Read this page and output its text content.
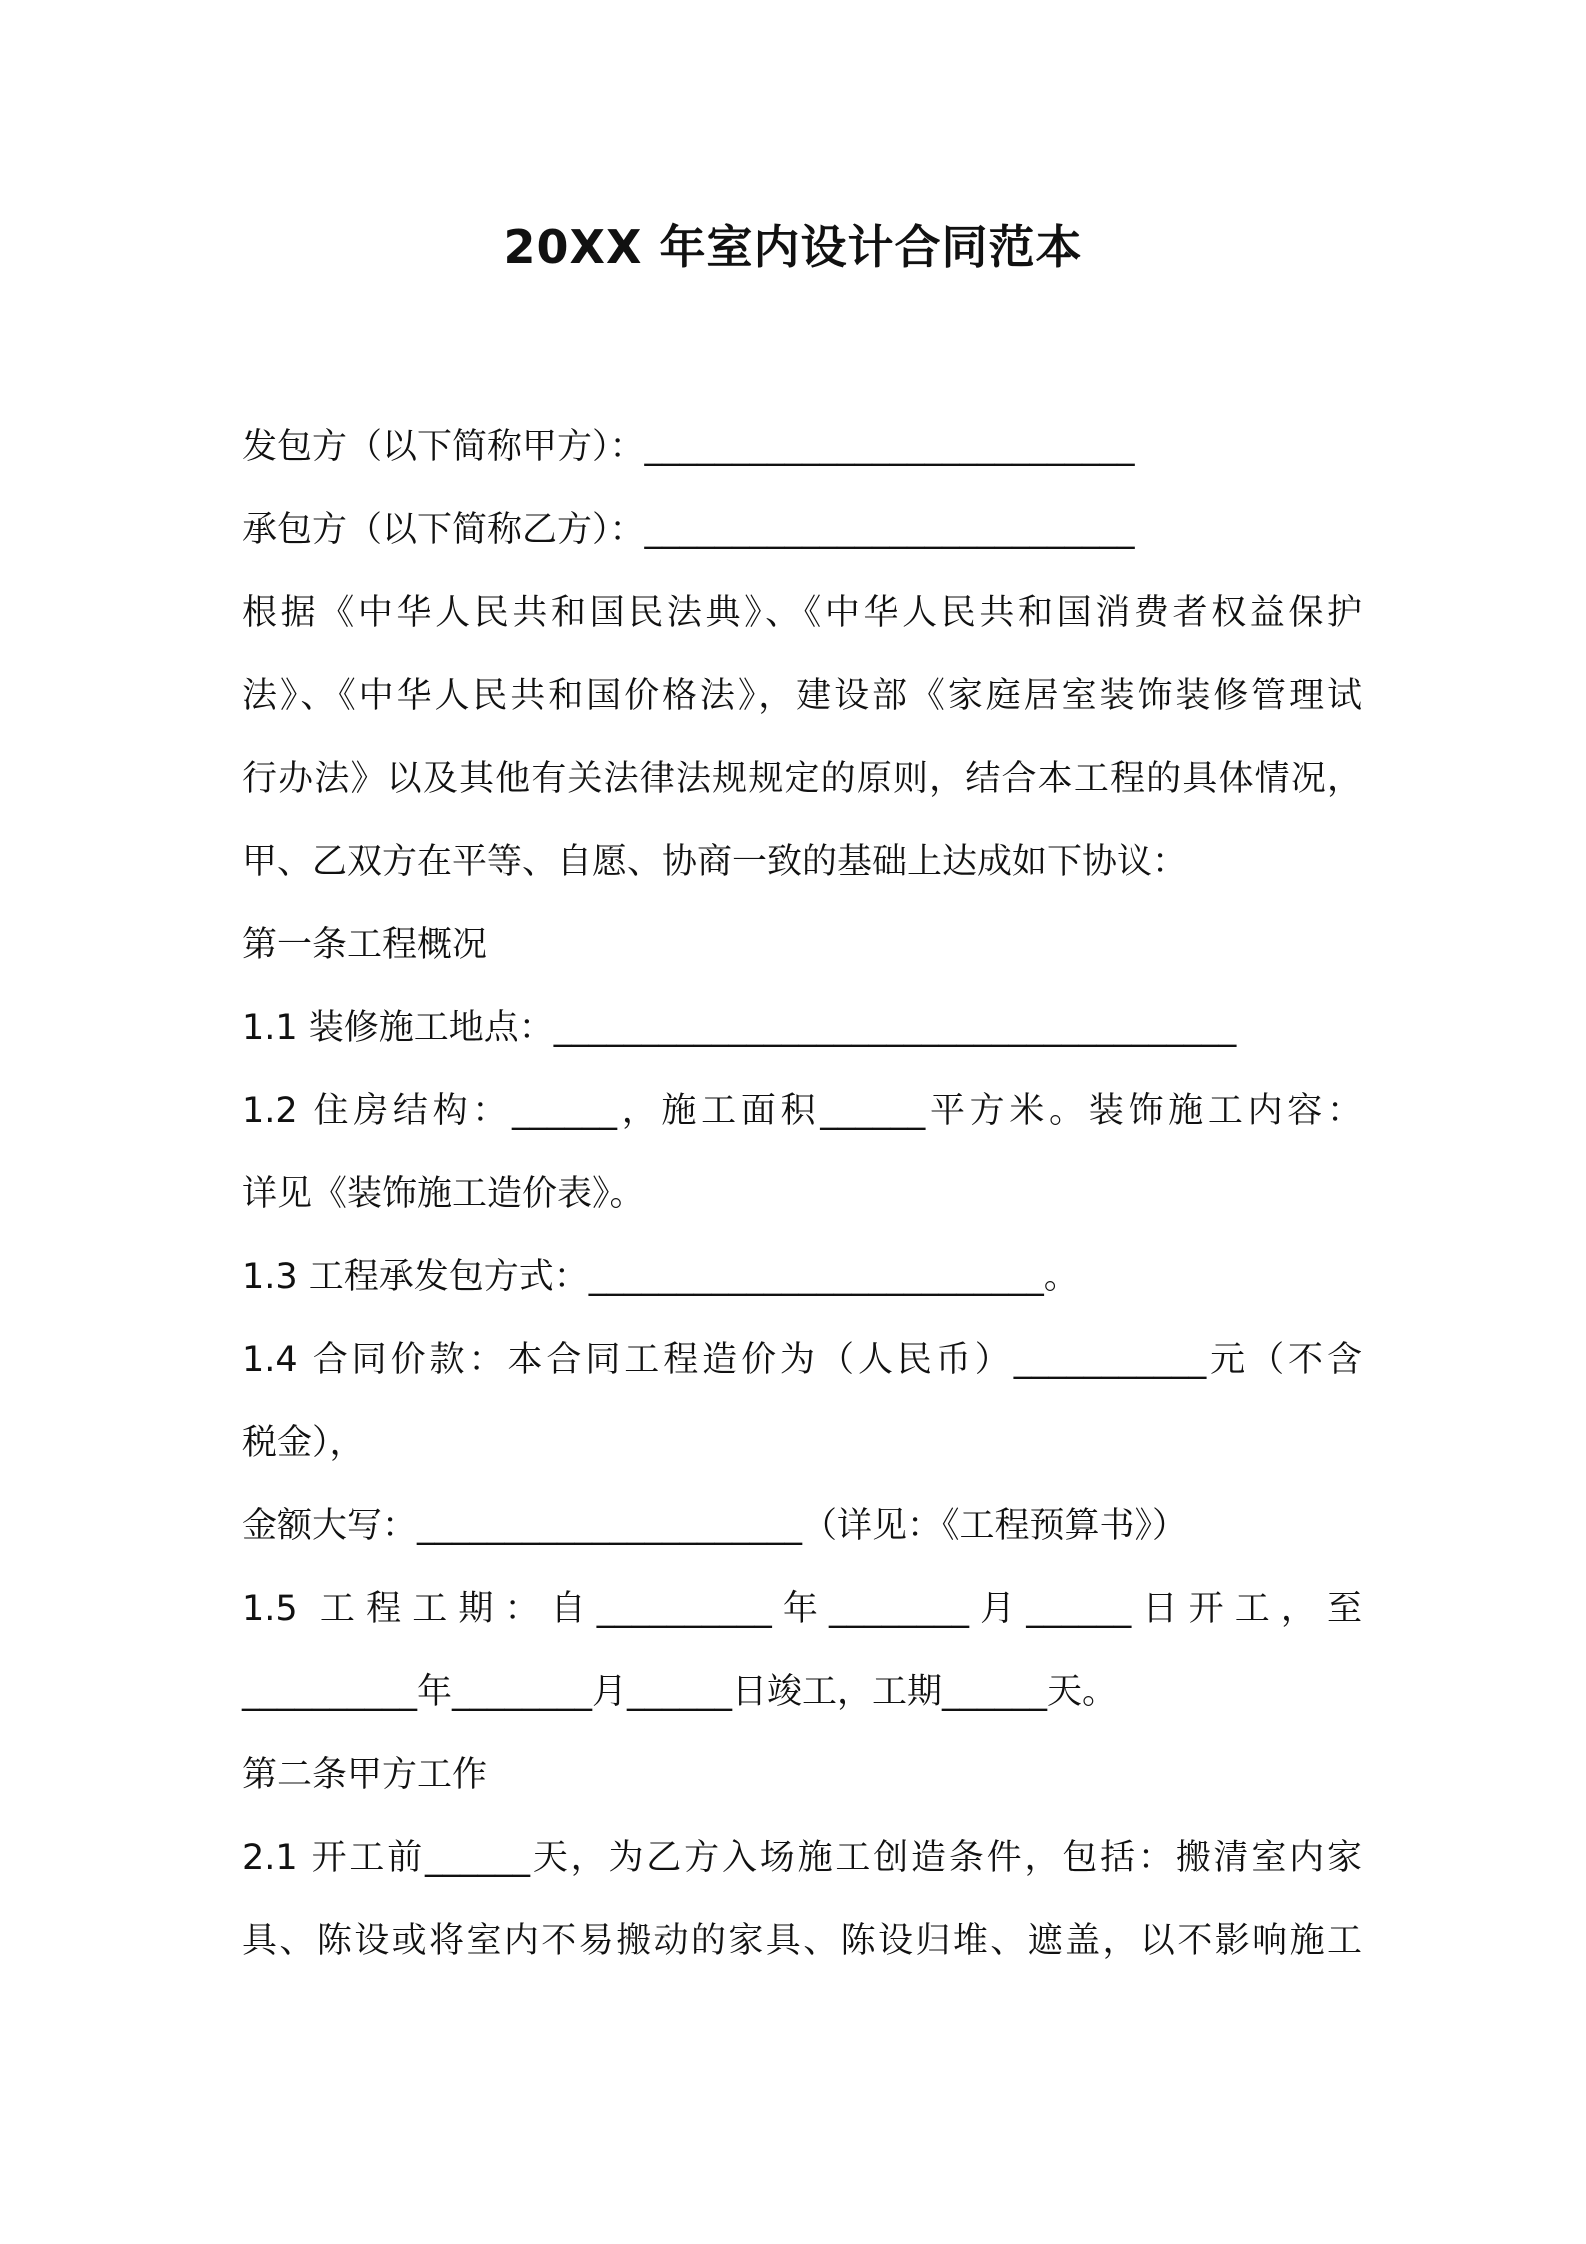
20XX 年室内设计合同范本
发包方（以下简称甲方）：____________________________
承包方（以下简称乙方）：____________________________
根据《中华人民共和国民法典》、《中华人民共和国消费者权益保护
法》、《中华人民共和国价格法》，建设部《家庭居室装饰装修管理试
行办法》以及其他有关法律法规规定的原则，结合本工程的具体情况，
甲、乙双方在平等、自愿、协商一致的基础上达成如下协议：
第一条工程概况
1.1 装修施工地点：_______________________________________
1.2 住房结构：______，施工面积______平方米。装饰施工内容：
详见《装饰施工造价表》。
1.3 工程承发包方式：__________________________。
1.4 合同价款：本合同工程造价为（人民币）___________元（不含
税金），
金额大写：______________________（详见：《工程预算书》）
1.5 工程工期：自__________年________月______日开工，至
__________年________月______日竣工，工期______天。
第二条甲方工作
2.1 开工前______天，为乙方入场施工创造条件，包括：搬清室内家
具、陈设或将室内不易搬动的家具、陈设归堆、遮盖，以不影响施工
